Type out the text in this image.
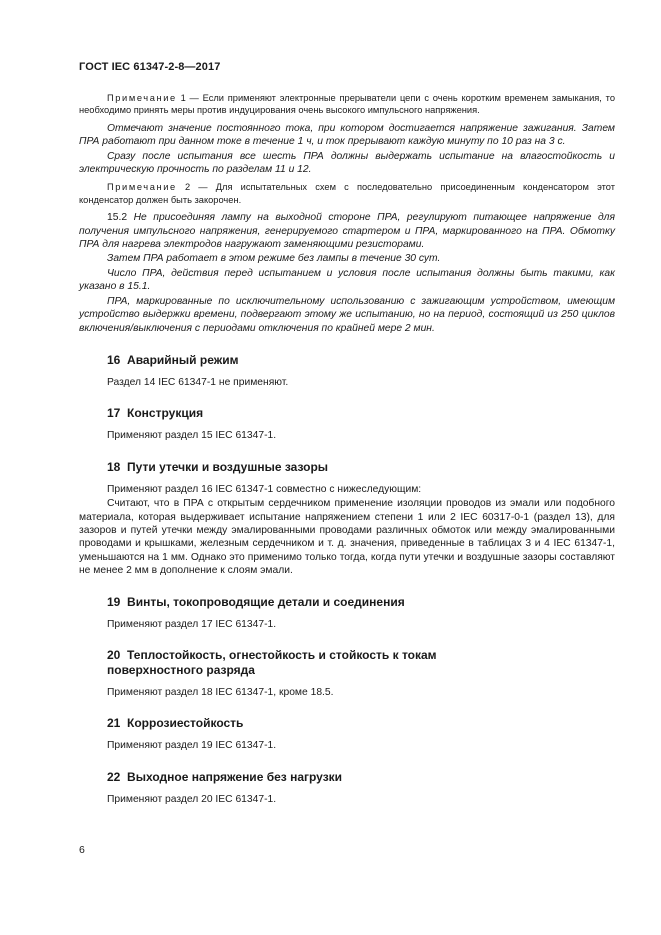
ГОСТ IEC 61347-2-8—2017

Примечание 1 — Если применяют электронные прерыватели цепи с очень коротким временем замыкания, то необходимо принять меры против индуцирования очень высокого импульсного напряжения.

Отмечают значение постоянного тока, при котором достигается напряжение зажигания. Затем ПРА работают при данном токе в течение 1 ч, и ток прерывают каждую минуту по 10 раз на 3 с.

Сразу после испытания все шесть ПРА должны выдержать испытание на влагостойкость и электрическую прочность по разделам 11 и 12.

Примечание 2 — Для испытательных схем с последовательно присоединенным конденсатором этот конденсатор должен быть закорочен.

15.2 Не присоединяя лампу на выходной стороне ПРА, регулируют питающее напряжение для получения импульсного напряжения, генерируемого стартером и ПРА, маркированного на ПРА. Обмотку ПРА для нагрева электродов нагружают заменяющими резисторами.

Затем ПРА работает в этом режиме без лампы в течение 30 сут.

Число ПРА, действия перед испытанием и условия после испытания должны быть такими, как указано в 15.1.

ПРА, маркированные по исключительному использованию с зажигающим устройством, имеющим устройство выдержки времени, подвергают этому же испытанию, но на период, состоящий из 250 циклов включения/выключения с периодами отключения по крайней мере 2 мин.

16 Аварийный режим

Раздел 14 IEC 61347-1 не применяют.

17 Конструкция

Применяют раздел 15 IEC 61347-1.

18 Пути утечки и воздушные зазоры

Применяют раздел 16 IEC 61347-1 совместно с нижеследующим:

Считают, что в ПРА с открытым сердечником применение изоляции проводов из эмали или подобного материала, которая выдерживает испытание напряжением степени 1 или 2 IEC 60317-0-1 (раздел 13), для зазоров и путей утечки между эмалированными проводами различных обмоток или между эмалированными проводами и крышками, железным сердечником и т. д. значения, приведенные в таблицах 3 и 4 IEC 61347-1, уменьшаются на 1 мм. Однако это применимо только тогда, когда пути утечки и воздушные зазоры составляют не менее 2 мм в дополнение к слоям эмали.

19 Винты, токопроводящие детали и соединения

Применяют раздел 17 IEC 61347-1.

20 Теплостойкость, огнестойкость и стойкость к токам
поверхностного разряда

Применяют раздел 18 IEC 61347-1, кроме 18.5.

21 Коррозиестойкость

Применяют раздел 19 IEC 61347-1.

22 Выходное напряжение без нагрузки

Применяют раздел 20 IEC 61347-1.

6
